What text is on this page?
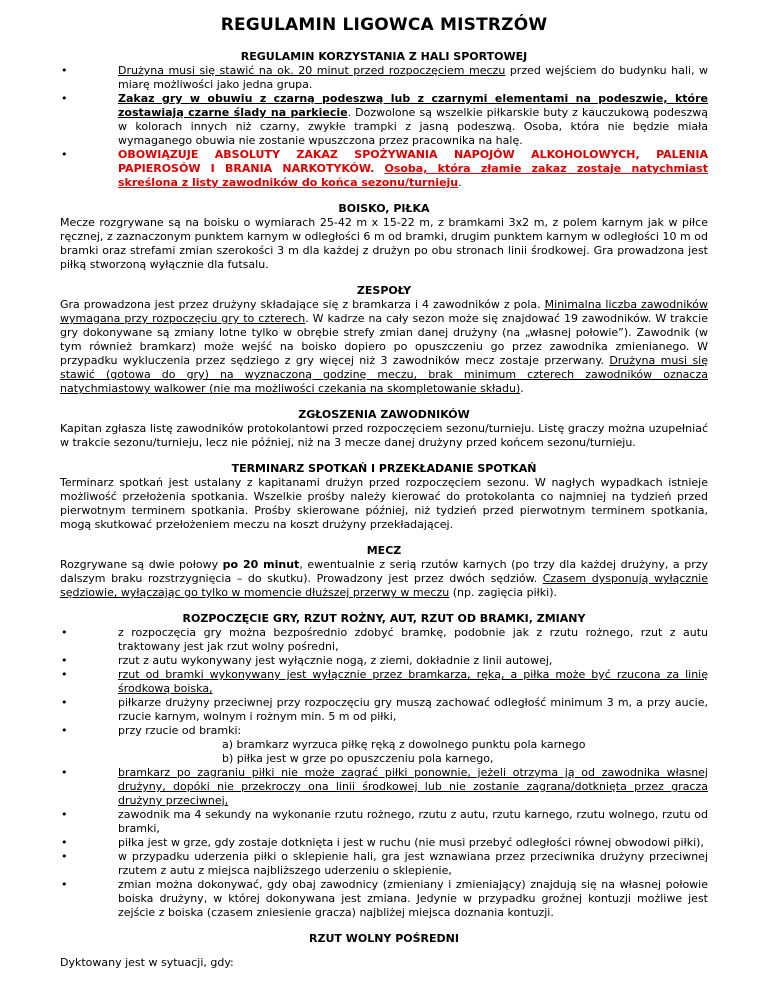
REGULAMIN LIGOWCA MISTRZÓW
REGULAMIN KORZYSTANIA Z HALI SPORTOWEJ
• Drużyna musi się stawić na ok. 20 minut przed rozpoczęciem meczu przed wejściem do budynku hali, w miarę możliwości jako jedna grupa.
• Zakaz gry w obuwiu z czarną podeszwą lub z czarnymi elementami na podeszwie, które zostawiają czarne ślady na parkiecie. Dozwolone są wszelkie piłkarskie buty z kauczukową podeszwą w kolorach innych niż czarny, zwykłe trampki z jasną podeszwą. Osoba, która nie będzie miała wymaganego obuwia nie zostanie wpuszczona przez pracownika na halę.
• OBOWIĄZUJE ABSOLUTY ZAKAZ SPOŻYWANIA NAPOJÓW ALKOHOLOWYCH, PALENIA PAPIEROSÓW I BRANIA NARKOTYKÓW. Osoba, która złamie zakaz zostaje natychmiast skreślona z listy zawodników do końca sezonu/turnieju.
BOISKO, PIŁKA

Mecze rozgrywane są na boisku o wymiarach 25-42 m x 15-22 m, z bramkami 3x2 m, z polem karnym jak w piłce ręcznej, z zaznaczonym punktem karnym w odległości 6 m od bramki, drugim punktem karnym w odległości 10 m od bramki oraz strefami zmian szerokości 3 m dla każdej z drużyn po obu stronach linii środkowej. Gra prowadzona jest piłką stworzoną wyłącznie dla futsalu.

ZESPOŁY

Gra prowadzona jest przez drużyny składające się z bramkarza i 4 zawodników z pola. Minimalna liczba zawodników wymagana przy rozpoczęciu gry to czterech. W kadrze na cały sezon może się znajdować 19 zawodników. W trakcie gry dokonywane są zmiany lotne tylko w obrębie strefy zmian danej drużyny (na „własnej połowie”). Zawodnik (w tym również bramkarz) może wejść na boisko dopiero po opuszczeniu go przez zawodnika zmienianego. W przypadku wykluczenia przez sędziego z gry więcej niż 3 zawodników mecz zostaje przerwany. Drużyna musi się stawić (gotowa do gry) na wyznaczoną godzinę meczu, brak minimum czterech zawodników oznacza natychmiastowy walkower (nie ma możliwości czekania na skompletowanie składu).

ZGŁOSZENIA ZAWODNIKÓW

Kapitan zgłasza listę zawodników protokolantowi przed rozpoczęciem sezonu/turnieju. Listę graczy można uzupełniać w trakcie sezonu/turnieju, lecz nie później, niż na 3 mecze danej drużyny przed końcem sezonu/turnieju.

TERMINARZ SPOTKAŃ I PRZEKŁADANIE SPOTKAŃ

Terminarz spotkań jest ustalany z kapitanami drużyn przed rozpoczęciem sezonu. W nagłych wypadkach istnieje możliwość przełożenia spotkania. Wszelkie prośby należy kierować do protokolanta co najmniej na tydzień przed pierwotnym terminem spotkania. Prośby skierowane później, niż tydzień przed pierwotnym terminem spotkania, mogą skutkować przełożeniem meczu na koszt drużyny przekładającej.

MECZ

Rozgrywane są dwie połowy po 20 minut, ewentualnie z serią rzutów karnych (po trzy dla każdej drużyny, a przy dalszym braku rozstrzygnięcia – do skutku). Prowadzony jest przez dwóch sędziów. Czasem dysponują wyłącznie sędziowie, wyłączając go tylko w momencie dłuższej przerwy w meczu (np. zagięcia piłki).

ROZPOCZĘCIE GRY, RZUT ROŻNY, AUT, RZUT OD BRAMKI, ZMIANY
• z rozpoczęcia gry można bezpośrednio zdobyć bramkę, podobnie jak z rzutu rożnego, rzut z autu traktowany jest jak rzut wolny pośredni,
• rzut z autu wykonywany jest wyłącznie nogą, z ziemi, dokładnie z linii autowej,
• rzut od bramki wykonywany jest wyłącznie przez bramkarza, ręką, a piłka może być rzucona za linię środkową boiska,
• piłkarze drużyny przeciwnej przy rozpoczęciu gry muszą zachować odległość minimum 3 m, a przy aucie, rzucie karnym, wolnym i rożnym min. 5 m od piłki,
• przy rzucie od bramki:
a) bramkarz wyrzuca piłkę ręką z dowolnego punktu pola karnego
b) piłka jest w grze po opuszczeniu pola karnego,
• bramkarz po zagraniu piłki nie może zagrać piłki ponownie, jeżeli otrzyma ją od zawodnika własnej drużyny, dopóki nie przekroczy ona linii środkowej lub nie zostanie zagrana/dotknięta przez gracza drużyny przeciwnej,
• zawodnik ma 4 sekundy na wykonanie rzutu rożnego, rzutu z autu, rzutu karnego, rzutu wolnego, rzutu od bramki,
• piłka jest w grze, gdy zostaje dotknięta i jest w ruchu (nie musi przebyć odległości równej obwodowi piłki),
• w przypadku uderzenia piłki o sklepienie hali, gra jest wznawiana przez przeciwnika drużyny przeciwnej rzutem z autu z miejsca najbliższego uderzeniu o sklepienie,
• zmian można dokonywać, gdy obaj zawodnicy (zmieniany i zmieniający) znajdują się na własnej połowie boiska drużyny, w której dokonywana jest zmiana. Jedynie w przypadku groźnej kontuzji możliwe jest zejście z boiska (czasem zniesienie gracza) najbliżej miejsca doznania kontuzji.
RZUT WOLNY POŚREDNI

Dyktowany jest w sytuacji, gdy:
